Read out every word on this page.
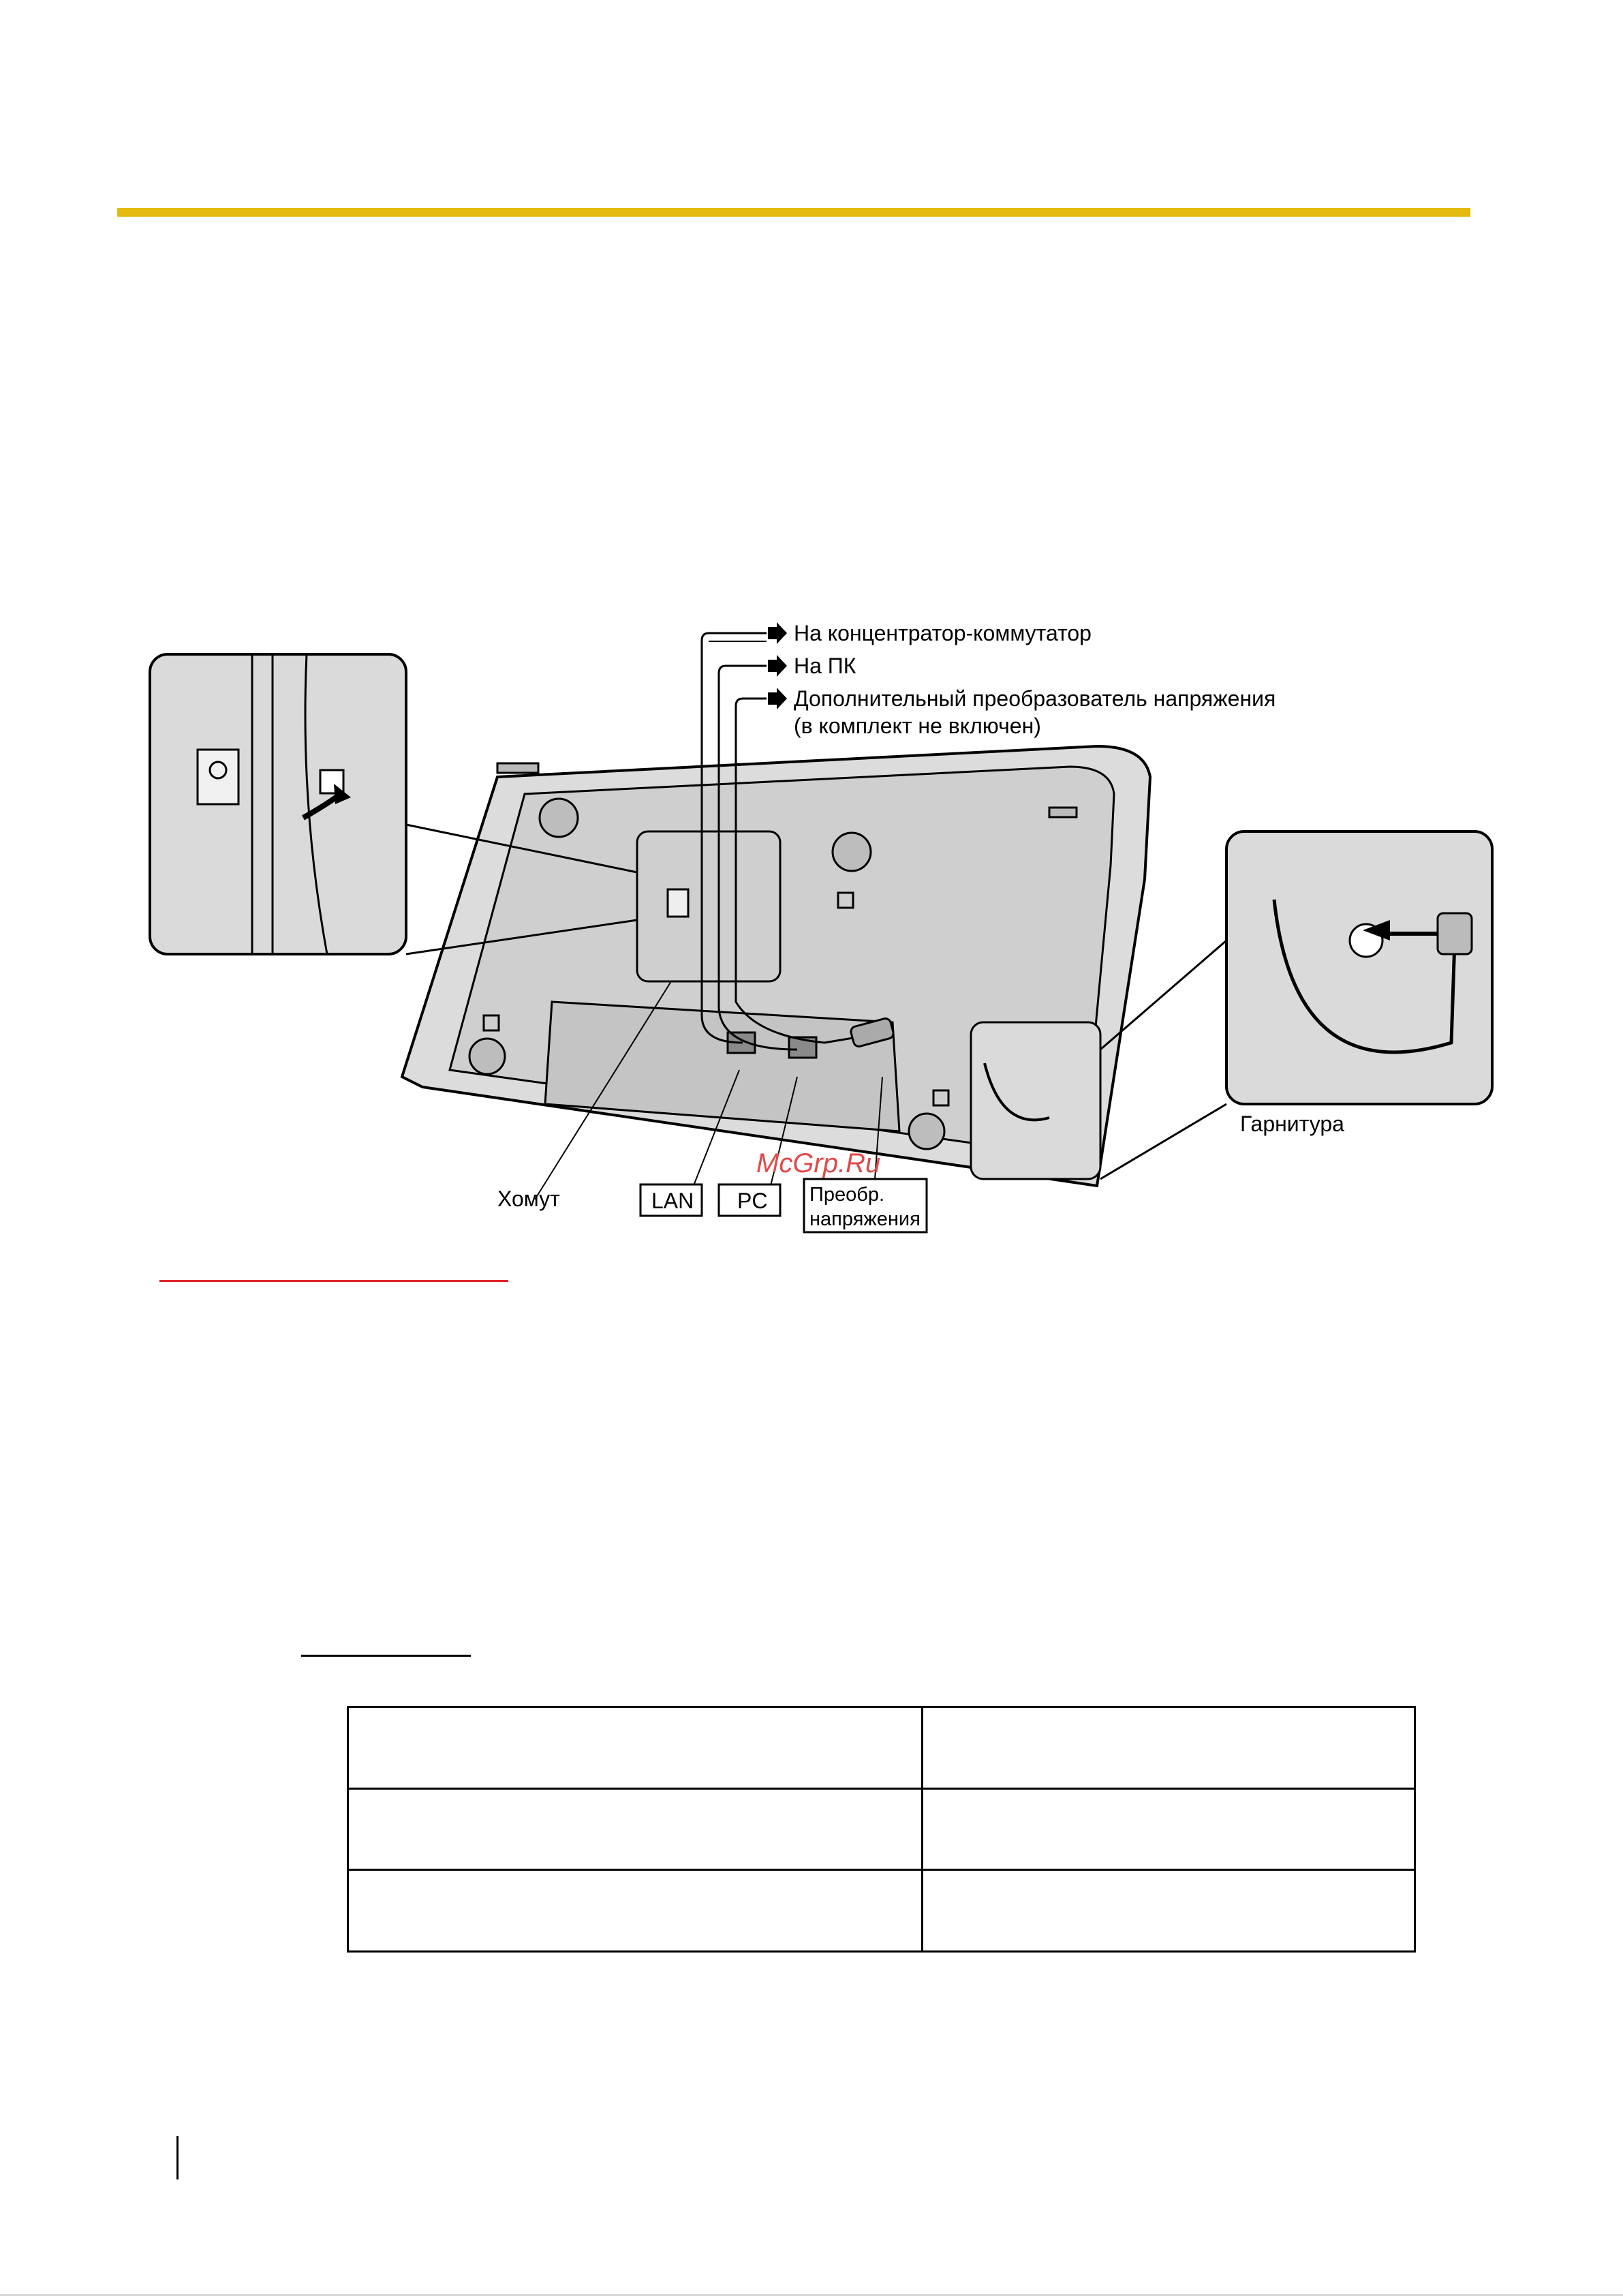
На концентратор-коммутатор
На ПК
Дополнительный преобразователь напряжения
(в комплект не включен)
Хомут	LAN PC Преобр.
напряжения
Гарнитура
McGrp.Ru
